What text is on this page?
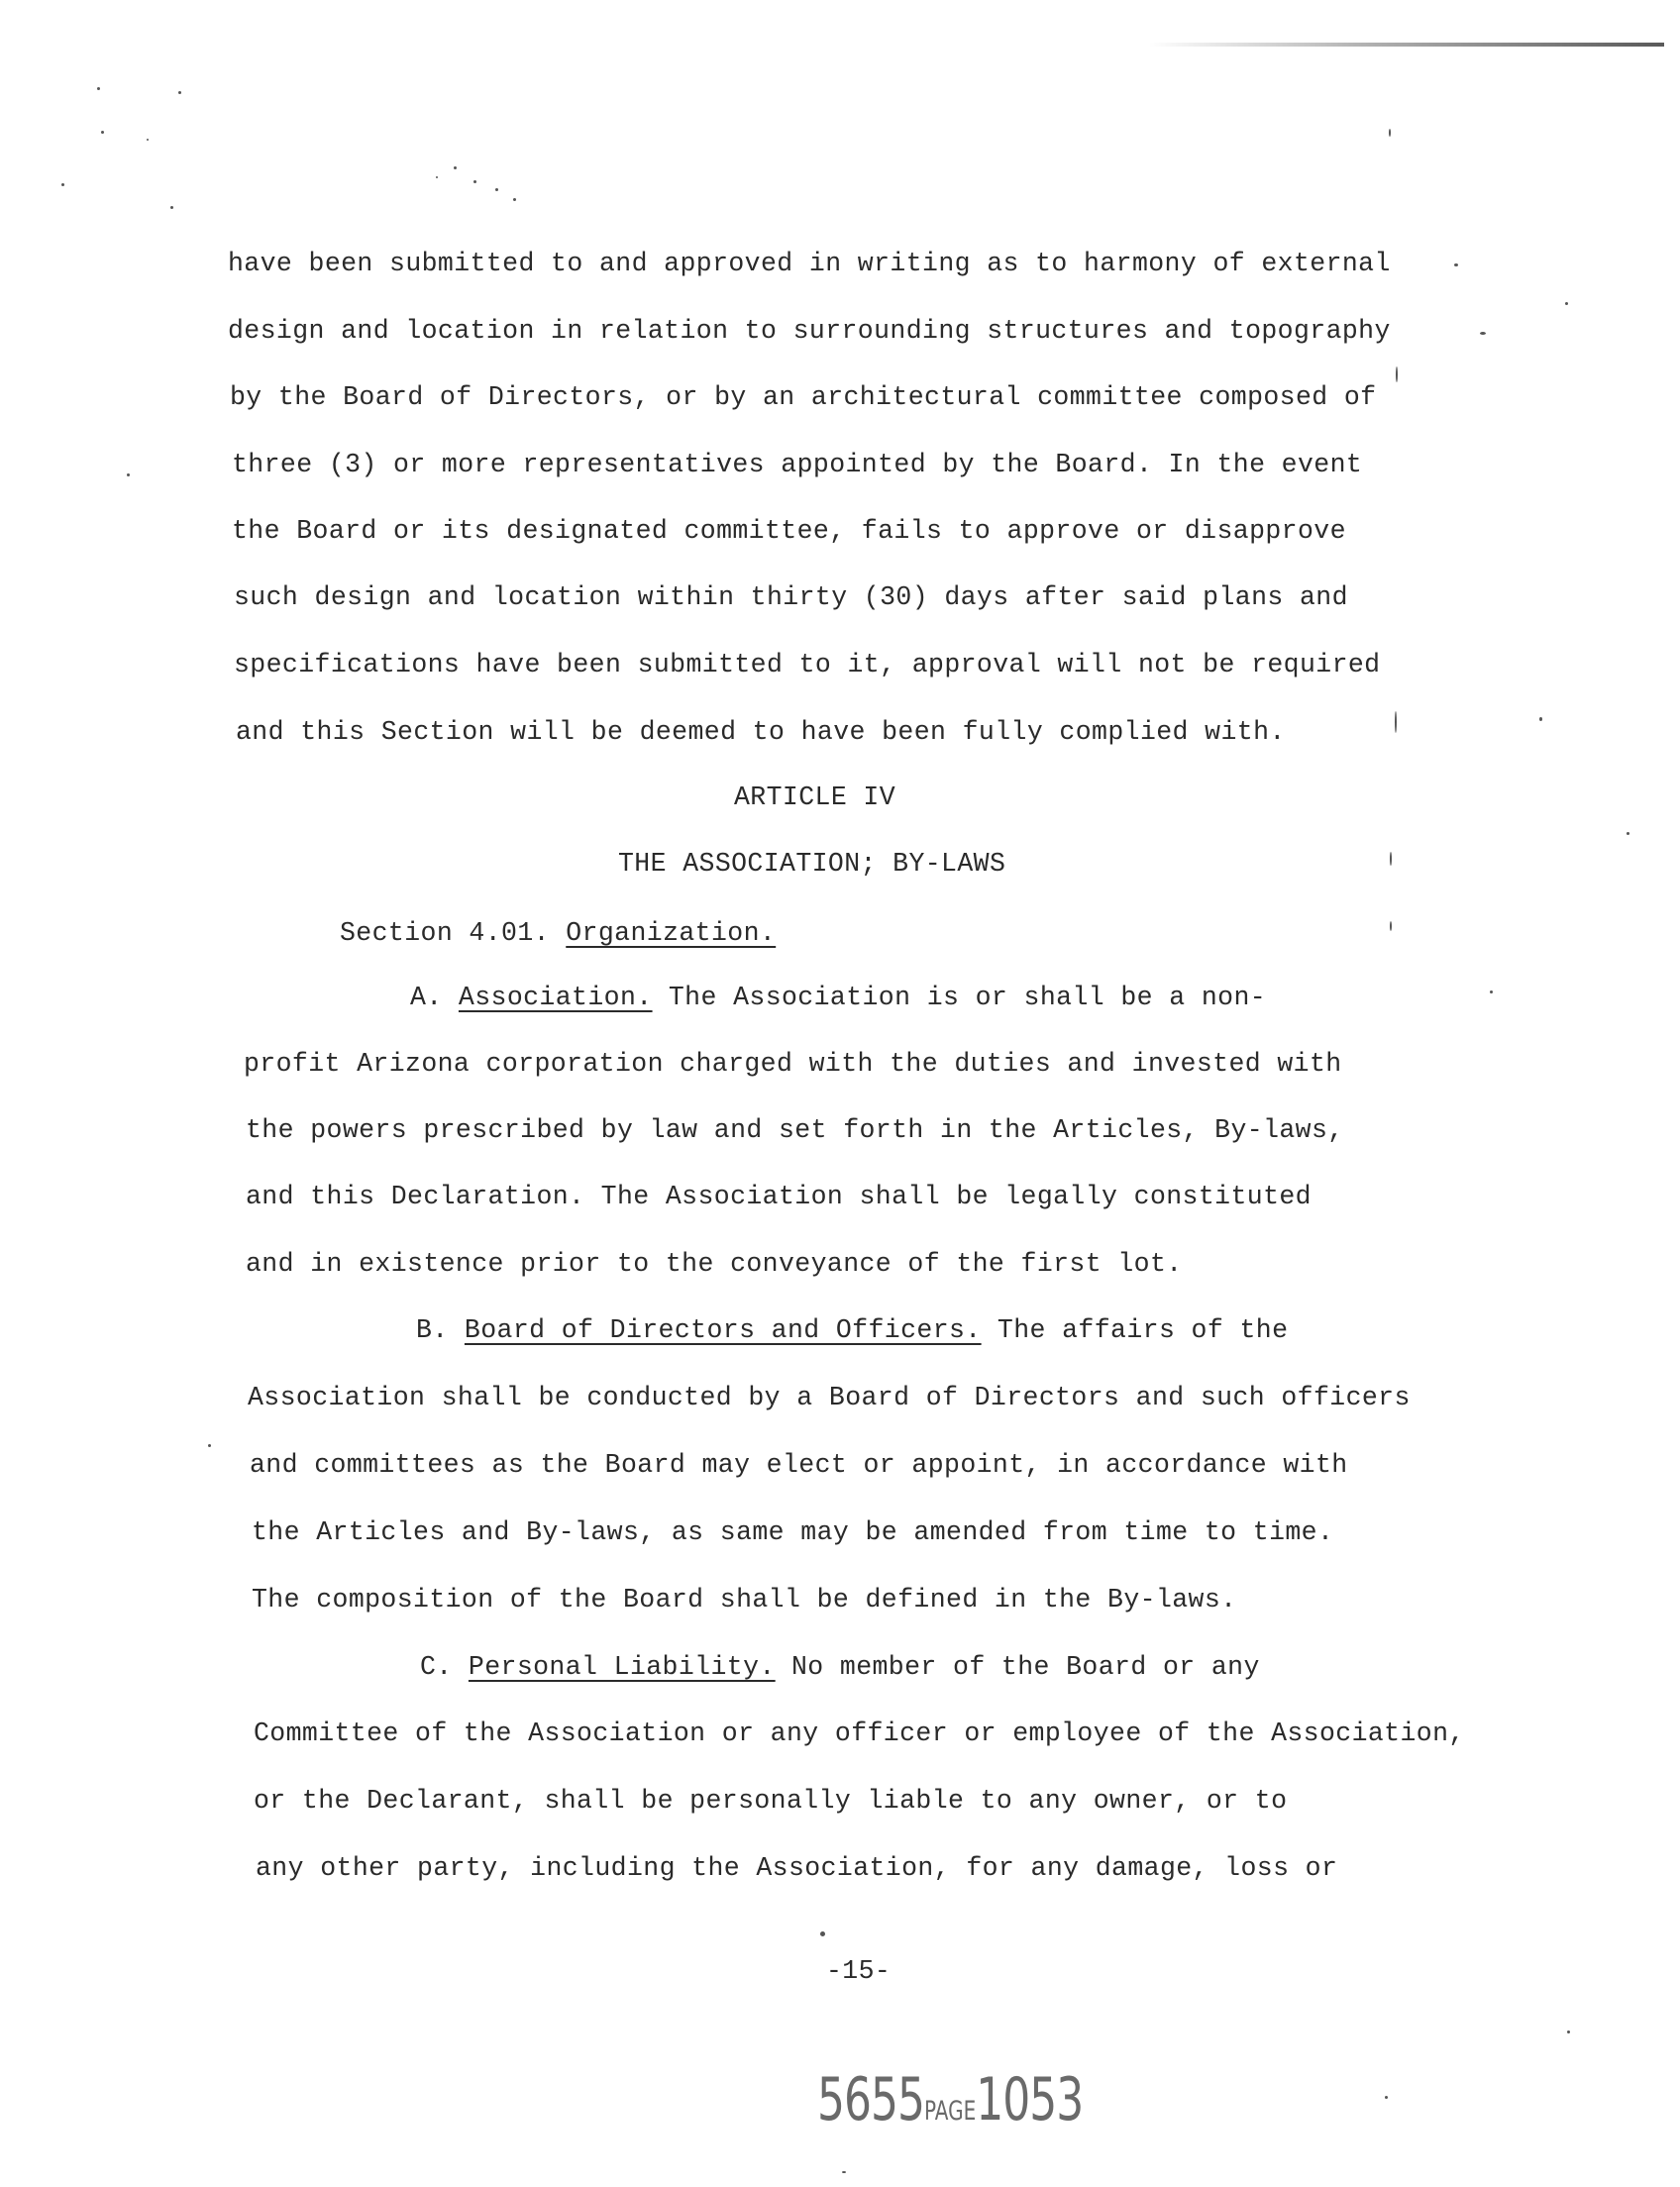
have been submitted to and approved in writing as to harmony of external
design and location in relation to surrounding structures and topography
by the Board of Directors, or by an architectural committee composed of
three (3) or more representatives appointed by the Board. In the event
the Board or its designated committee, fails to approve or disapprove
such design and location within thirty (30) days after said plans and
specifications have been submitted to it, approval will not be required
and this Section will be deemed to have been fully complied with.
ARTICLE IV
THE ASSOCIATION; BY-LAWS
Section 4.01. Organization.
A. Association. The Association is or shall be a non-
profit Arizona corporation charged with the duties and invested with
the powers prescribed by law and set forth in the Articles, By-laws,
and this Declaration. The Association shall be legally constituted
and in existence prior to the conveyance of the first lot.
B. Board of Directors and Officers. The affairs of the
Association shall be conducted by a Board of Directors and such officers
and committees as the Board may elect or appoint, in accordance with
the Articles and By-laws, as same may be amended from time to time.
The composition of the Board shall be defined in the By-laws.
C. Personal Liability. No member of the Board or any
Committee of the Association or any officer or employee of the Association,
or the Declarant, shall be personally liable to any owner, or to
any other party, including the Association, for any damage, loss or
-15-
5655PAGE1053
